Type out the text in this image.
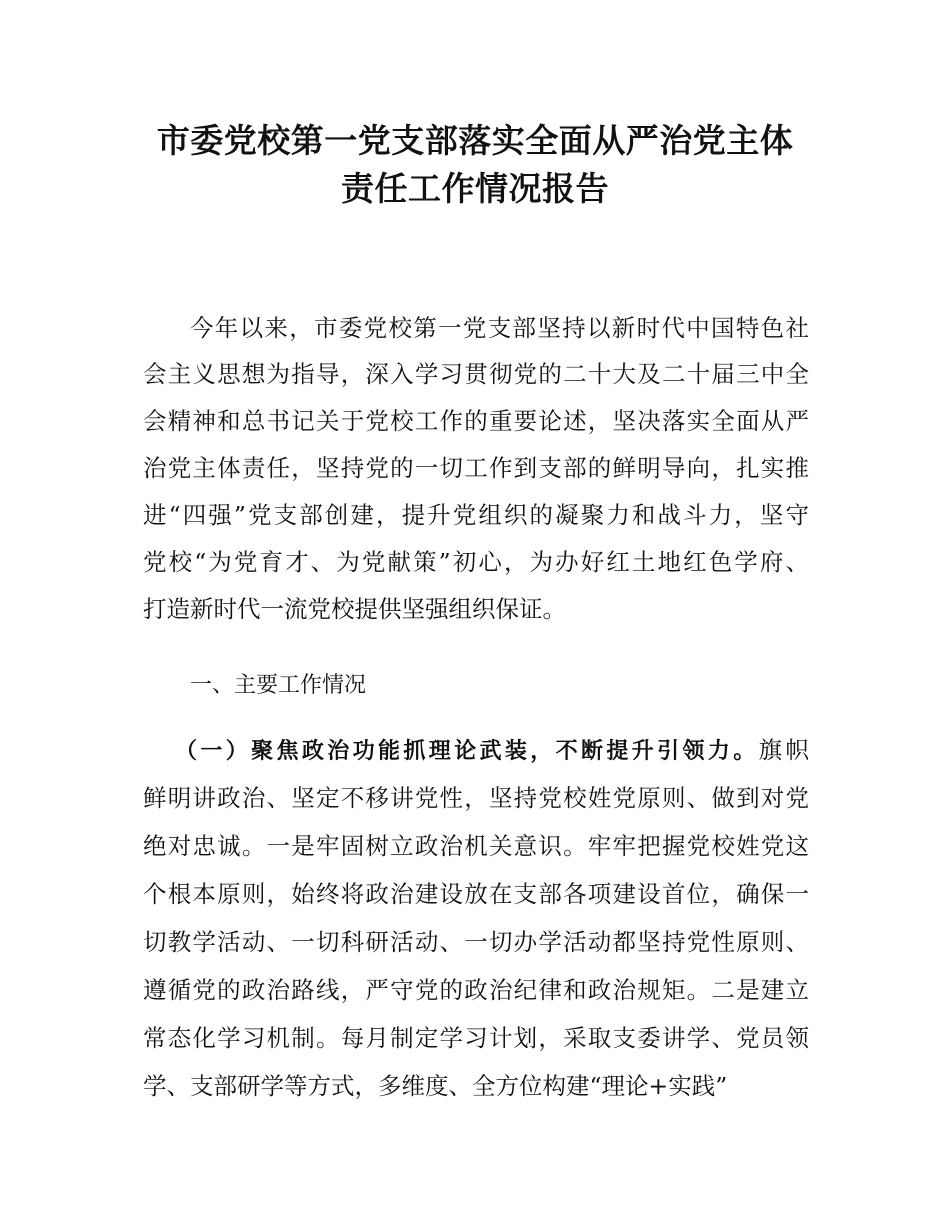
市委党校第一党支部落实全面从严治党主体
责任工作情况报告
今年以来，市委党校第一党支部坚持以新时代中国特色社
会主义思想为指导，深入学习贯彻党的二十大及二十届三中全
会精神和总书记关于党校工作的重要论述，坚决落实全面从严
治党主体责任，坚持党的一切工作到支部的鲜明导向，扎实推
进“四强”党支部创建，提升党组织的凝聚力和战斗力，坚守
党校“为党育才、为党献策”初心，为办好红土地红色学府、
打造新时代一流党校提供坚强组织保证。
一、主要工作情况
（一）聚焦政治功能抓理论武装，不断提升引领力。旗帜
鲜明讲政治、坚定不移讲党性，坚持党校姓党原则、做到对党
绝对忠诚。一是牢固树立政治机关意识。牢牢把握党校姓党这
个根本原则，始终将政治建设放在支部各项建设首位，确保一
切教学活动、一切科研活动、一切办学活动都坚持党性原则、
遵循党的政治路线，严守党的政治纪律和政治规矩。二是建立
常态化学习机制。每月制定学习计划，采取支委讲学、党员领
学、支部研学等方式，多维度、全方位构建“理论+实践”
